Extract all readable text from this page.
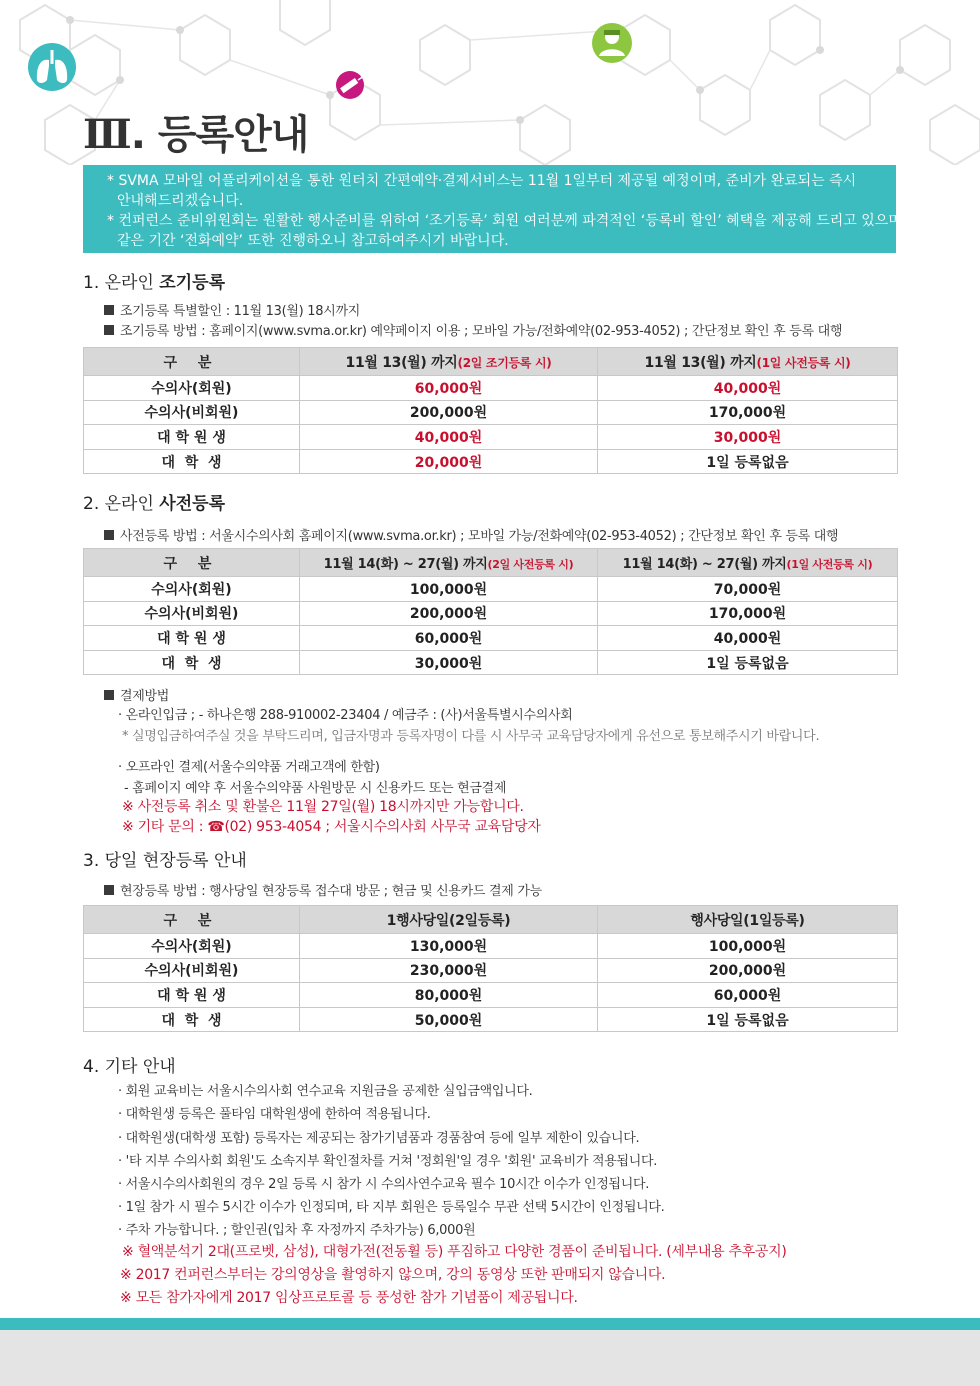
Ⅲ. 등록안내
* SVMA 모바일 어플리케이션을 통한 원터치 간편예약·결제서비스는 11월 1일부터 제공될 예정이며, 준비가 완료되는 즉시
안내해드리겠습니다.
* 컨퍼런스 준비위원회는 원활한 행사준비를 위하여 ‘조기등록’ 회원 여러분께 파격적인 ‘등록비 할인’ 혜택을 제공해 드리고 있으며,
같은 기간 ‘전화예약’ 또한 진행하오니 참고하여주시기 바랍니다.
1. 온라인 조기등록
조기등록 특별할인 : 11월 13(월) 18시까지
조기등록 방법 : 홈페이지(www.svma.or.kr) 예약페이지 이용 ; 모바일 가능/전화예약(02-953-4052) ; 간단정보 확인 후 등록 대행
구 분	11월 13(월) 까지(2일 조기등록 시)	11월 13(월) 까지(1일 사전등록 시)
수의사(회원)	60,000원	40,000원
수의사(비회원)	200,000원	170,000원
대 학 원 생	40,000원	30,000원
대  학  생	20,000원	1일 등록없음
2. 온라인 사전등록
사전등록 방법 : 서울시수의사회 홈페이지(www.svma.or.kr) ; 모바일 가능/전화예약(02-953-4052) ; 간단정보 확인 후 등록 대행
구 분	11월 14(화) ~ 27(월) 까지(2일 사전등록 시)	11월 14(화) ~ 27(월) 까지(1일 사전등록 시)
수의사(회원)	100,000원	70,000원
수의사(비회원)	200,000원	170,000원
대 학 원 생	60,000원	40,000원
대  학  생	30,000원	1일 등록없음
결제방법
· 온라인입금 ; - 하나은행 288-910002-23404 / 예금주 : (사)서울특별시수의사회
* 실명입금하여주실 것을 부탁드리며, 입금자명과 등록자명이 다를 시 사무국 교육담당자에게 유선으로 통보해주시기 바랍니다.
· 오프라인 결제(서울수의약품 거래고객에 한함)
- 홈페이지 예약 후 서울수의약품 사원방문 시 신용카드 또는 현금결제
※ 사전등록 취소 및 환불은 11월 27일(월) 18시까지만 가능합니다.
※ 기타 문의 : ☎(02) 953-4054 ; 서울시수의사회 사무국 교육담당자
3. 당일 현장등록 안내
현장등록 방법 : 행사당일 현장등록 접수대 방문 ; 현금 및 신용카드 결제 가능
구 분	1행사당일(2일등록)	행사당일(1일등록)
수의사(회원)	130,000원	100,000원
수의사(비회원)	230,000원	200,000원
대 학 원 생	80,000원	60,000원
대  학  생	50,000원	1일 등록없음
4. 기타 안내
· 회원 교육비는 서울시수의사회 연수교육 지원금을 공제한 실입금액입니다.
· 대학원생 등록은 풀타임 대학원생에 한하여 적용됩니다.
· 대학원생(대학생 포함) 등록자는 제공되는 참가기념품과 경품참여 등에 일부 제한이 있습니다.
· '타 지부 수의사회 회원'도 소속지부 확인절차를 거쳐 '정회원'일 경우 '회원' 교육비가 적용됩니다.
· 서울시수의사회원의 경우 2일 등록 시 참가 시 수의사연수교육 필수 10시간 이수가 인정됩니다.
· 1일 참가 시 필수 5시간 이수가 인정되며, 타 지부 회원은 등록일수 무관 선택 5시간이 인정됩니다.
· 주차 가능합니다. ; 할인권(입차 후 자정까지 주차가능) 6,000원
※ 혈액분석기 2대(프로벳, 삼성), 대형가전(전동휠 등) 푸짐하고 다양한 경품이 준비됩니다. (세부내용 추후공지)
※ 2017 컨퍼런스부터는 강의영상을 촬영하지 않으며, 강의 동영상 또한 판매되지 않습니다.
※ 모든 참가자에게 2017 임상프로토콜 등 풍성한 참가 기념품이 제공됩니다.
